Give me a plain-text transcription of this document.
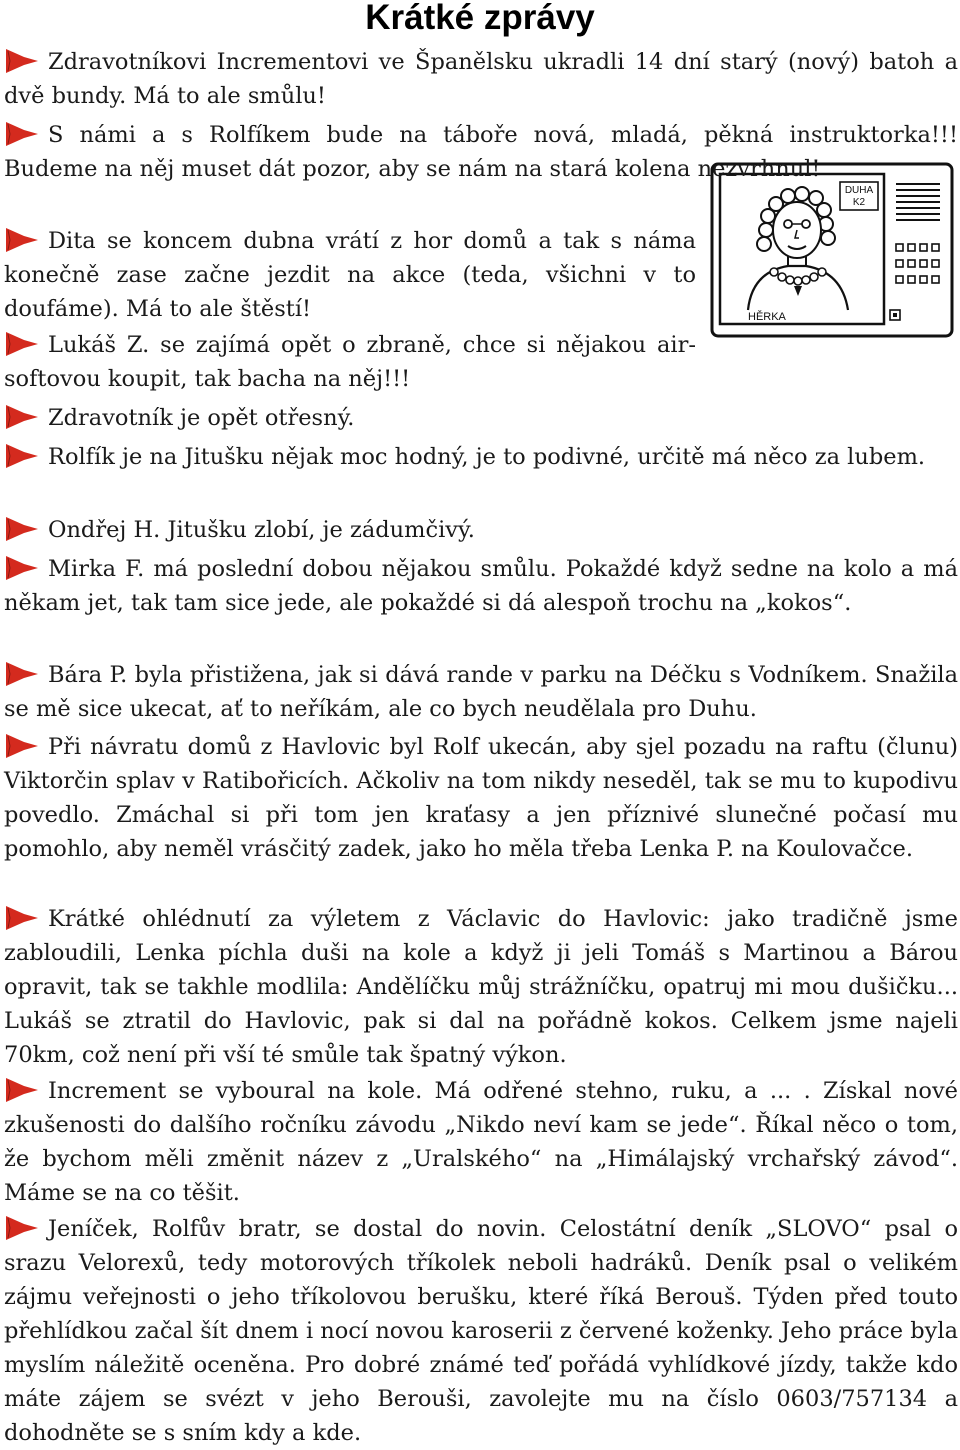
Krátké zprávy
DUHA
K2
HĚRKA

Zdravotníkovi Incrementovi ve Španělsku ukradli 14 dní starý (nový) batoh a dvě bundy. Má to ale smůlu!

S námi a s Rolfíkem bude na táboře nová, mladá, pěkná instruktorka!!! Budeme na něj muset dát pozor, aby se nám na stará kolena nezvrhnul!

Dita se koncem dubna vrátí z hor domů a tak s náma konečně zase začne jezdit na akce (teda, všichni v to doufáme). Má to ale štěstí!

Lukáš Z. se zajímá opět o zbraně, chce si nějakou air-softovou koupit, tak bacha na něj!!!

Zdravotník je opět otřesný.

Rolfík je na Jitušku nějak moc hodný, je to podivné, určitě má něco za lubem.

Ondřej H. Jitušku zlobí, je zádumčivý.

Mirka F. má poslední dobou nějakou smůlu. Pokaždé když sedne na kolo a má někam jet, tak tam sice jede, ale pokaždé si dá alespoň trochu na „kokos“.

Bára P. byla přistižena, jak si dává rande v parku na Déčku s Vodníkem. Snažila se mě sice ukecat, ať to neříkám, ale co bych neudělala pro Duhu.

Při návratu domů z Havlovic byl Rolf ukecán, aby sjel pozadu na raftu (člunu) Viktorčin splav v Ratibořicích. Ačkoliv na tom nikdy neseděl, tak se mu to kupodivu povedlo. Zmáchal si při tom jen kraťasy a jen příznivé slunečné počasí mu pomohlo, aby neměl vrásčitý zadek, jako ho měla třeba Lenka P. na Koulovačce.

Krátké ohlédnutí za výletem z Václavic do Havlovic: jako tradičně jsme zabloudili, Lenka píchla duši na kole a když ji jeli Tomáš s Martinou a Bárou opravit, tak se takhle modlila: Andělíčku můj strážníčku, opatruj mi mou dušičku... Lukáš se ztratil do Havlovic, pak si dal na pořádně kokos. Celkem jsme najeli 70km, což není při vší té smůle tak špatný výkon.

Increment se vyboural na kole. Má odřené stehno, ruku, a ... . Získal nové zkušenosti do dalšího ročníku závodu „Nikdo neví kam se jede“. Říkal něco o tom, že bychom měli změnit název z „Uralského“ na „Himálajský vrchařský závod“. Máme se na co těšit.

Jeníček, Rolfův bratr, se dostal do novin. Celostátní deník „SLOVO“ psal o srazu Velorexů, tedy motorových tříkolek neboli hadráků. Deník psal o velikém zájmu veřejnosti o jeho tříkolovou berušku, které říká Berouš. Týden před touto přehlídkou začal šít dnem i nocí novou karoserii z červené koženky. Jeho práce byla myslím náležitě oceněna. Pro dobré známé teď pořádá vyhlídkové jízdy, takže kdo máte zájem se svézt v jeho Berouši, zavolejte mu na číslo 0603/757134 a dohodněte se s sním kdy a kde.
